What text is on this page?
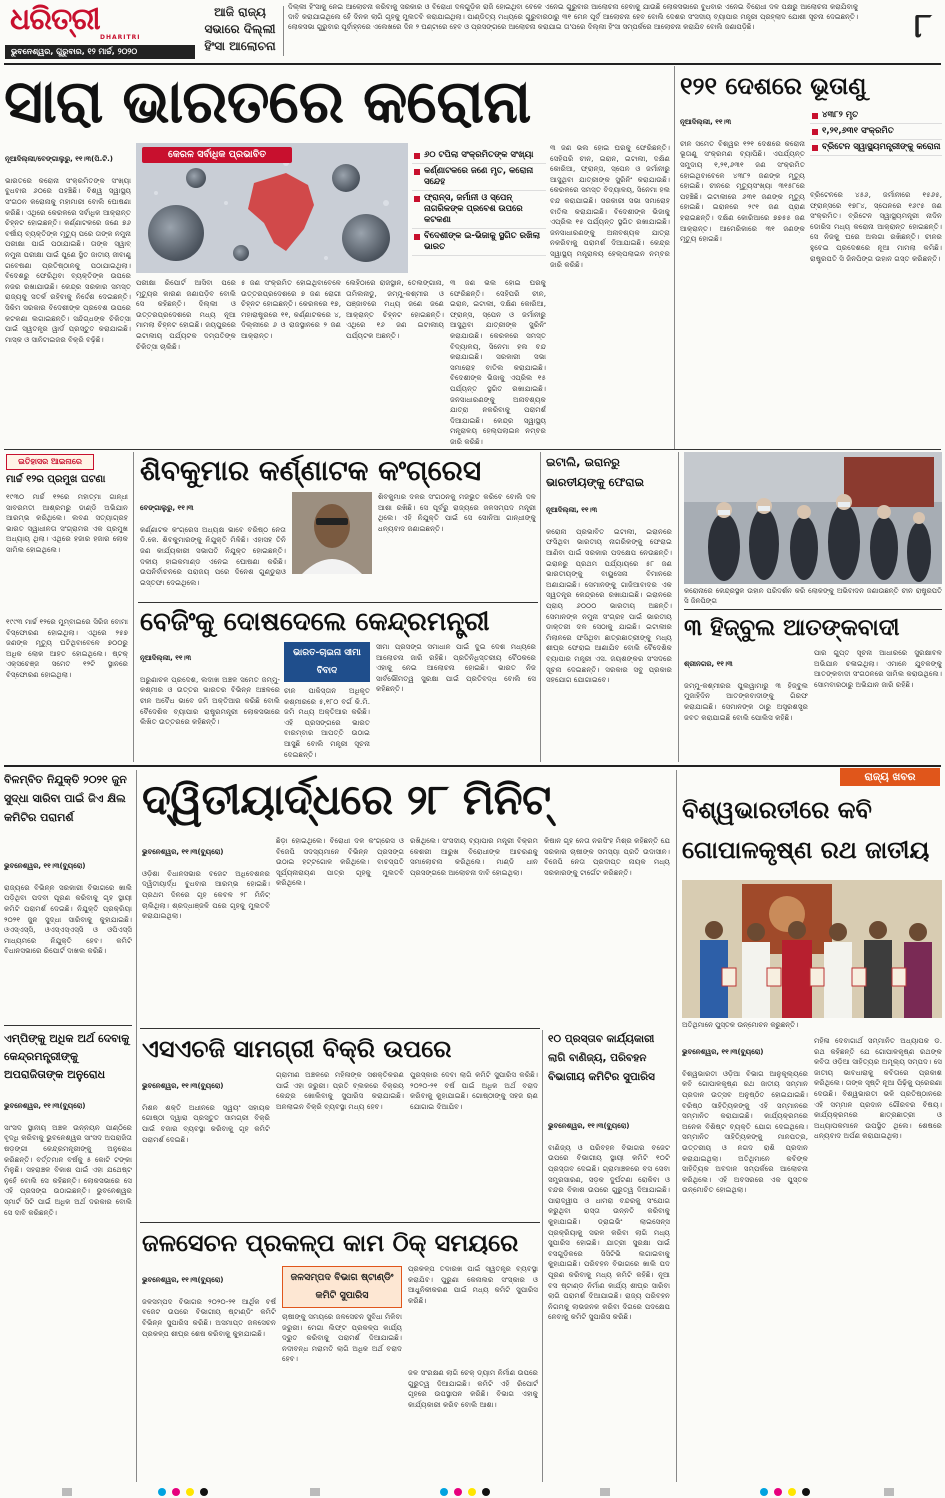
ଧରିତ୍ରୀ
DHARITRI
ଭୁବନେଶ୍ୱର, ଗୁରୁବାର, ୧୨ ମାର୍ଚ୍ଚ, ୨୦୨୦
ଆଜି ରାଜ୍ୟ ସଭାରେ ଦିଲ୍ଲୀ ହିଂସା ଆଲୋଚନା
ଦିଲ୍ଲୀ ହିଂସାକୁ ନେଇ ଆଲୋଚନା କରିବାକୁ ସରକାର ଓ ବିରୋଧୀ ଦଳଗୁଡ଼ିକ ରାଜି ହୋଇଥିବା ବେଳେ ଏନେଇ ଗୁରୁବାର ଆଲୋଚନା ହେବାକୁ ଯାଉଛି ଲୋକସଭାରେ ବୁଧବାର ଏନେଇ ବିରୋଧୀ ଦଳ ପକ୍ଷରୁ ଆଲୋଚନା କରାଯିବାକୁ ଦାବି କରାଯାଇଥିଲେ ହେଁ ଦିନକ ଲାଗି ଗୃହକୁ ମୁଲତବି କରାଯାଇଥିଲା। ପାଣ୍ଡିତ୍ୟ ମଧ୍ୟରେ ଗୁରୁବାରଠାରୁ ୩୧ ମେନ ପୂର୍ବ ଆଲୋଚନା ହେବ ବୋଲି ଦେଶର ସଂସଦୀୟ ବ୍ୟାପାର ମନ୍ତ୍ରୀ ପ୍ରହ୍ଲାଦ ଯୋଶୀ ସୂଚନା ଦେଇଛନ୍ତି। ଲୋକସଭା ଗୁରୁବାର ପୂର୍ବାହ୍ନରେ ଏଲେଖରେ ଦିନ ୨ ଘଣ୍ଟାରେ ହେବ ଓ ପ୍ରସଙ୍ଗରେ ଆଲୋଚନା କରାଯାଇ ତା'ପରେ ଦିଲ୍ଲୀ ହିଂସା ସମ୍ପର୍କରେ ଆଲୋଚନା କରାଯିବ ବୋଲି ଜଣାପଡ଼ିଛି।	୮
ସାରା ଭାରତରେ କରୋନା

ନୂଆଦିଲ୍ଲୀ/ବେଙ୍ଗାଲୁରୁ, ୧୧।୩(ପି.ଟି.)

ଭାରତରେ କରୋନା ସଂକ୍ରମିତଙ୍କ ସଂଖ୍ୟା ବୁଧବାର ୬୦ରେ ପହଞ୍ଚିଛି। ବିଶ୍ୱ ସ୍ୱାସ୍ଥ୍ୟ ସଂଗଠନ କରୋନାକୁ ମହାମାରୀ ବୋଲି ଘୋଷଣା କରିଛି। ଏଥିରେ କେରଳରେ ସର୍ବାଧିକ ଆକ୍ରାନ୍ତ ଚିହ୍ନଟ ହୋଇଛନ୍ତି। କର୍ଣ୍ଣାଟକରେ ଜଣେ ୭୬ ବର୍ଷୀୟ ବ୍ୟକ୍ତିଙ୍କ ମୃତ୍ୟୁ ପରେ ତାଙ୍କ ନମୁନା ପରୀକ୍ଷା ପାଇଁ ପଠାଯାଇଛି। ତାଙ୍କ ସ୍ୱାବ୍ ନମୁନା ପରୀକ୍ଷା ପାଇଁ ପୁଣେ ସ୍ଥିତ ଜାତୀୟ ଜୀବାଣୁ ଗବେଷଣା ପ୍ରତିଷ୍ଠାନକୁ ପଠାଯାଇଥିଲା। ବିଦେଶରୁ ଫେରିଥିବା ବ୍ୟକ୍ତିଙ୍କ ଉପରେ ନଜର ରଖାଯାଉଛି। କେନ୍ଦ୍ର ସରକାର ସମସ୍ତ ରାଜ୍ୟକୁ ସତର୍କ ରହିବାକୁ ନିର୍ଦ୍ଦେଶ ଦେଇଛନ୍ତି। ସିକିମ ସରକାର ବିଦେଶୀଙ୍କ ପ୍ରବେଶ ଉପରେ କଟକଣା ଲଗାଇଛନ୍ତି। ସନ୍ଦିଗ୍ଧଙ୍କ ଚିକିତ୍ସା ପାଇଁ ସ୍ୱତନ୍ତ୍ର ୱାର୍ଡ ପ୍ରସ୍ତୁତ କରାଯାଇଛି। ମାସ୍କ ଓ ସାନିଟାଇଜର ବିକ୍ରି ବଢ଼ିଛି।

କେରଳ ସର୍ବାଧିକ ପ୍ରଭାବିତ	୬୦ ଟପିଲା ସଂକ୍ରମିତଙ୍କ ସଂଖ୍ୟା
କର୍ଣ୍ଣାଟକରେ ଜଣେ ମୃତ, କରୋନା ସନ୍ଦେହ
ଫ୍ରାନ୍ସ, ଜର୍ମାନୀ ଓ ସ୍ପେନ୍ ନାଗରିକଙ୍କ ପ୍ରବେଶ ଉପରେ କଟକଣା
ବିଦେଶୀଙ୍କ ଇ-ଭିଜାକୁ ସ୍ଥଗିତ ରଖିଲା ଭାରତ
ପରୀକ୍ଷା ରିପୋର୍ଟ ଆସିବା ପରେ ମୃତ୍ୟୁର କାରଣ ଜଣାପଡ଼ିବ ବୋଲି ସେ କହିଛନ୍ତି। ଦିଲ୍ଲୀ ଓ ଉତ୍ତରପ୍ରଦେଶରେ ମଧ୍ୟ ନୂଆ ମାମଲା ଚିହ୍ନଟ ହୋଇଛି। ଜୟପୁରରେ ଇଟାଲୀୟ ପର୍ଯ୍ୟଟକ ଦମ୍ପତିଙ୍କ ଚିକିତ୍ସା ଚାଲିଛି।
୫ ଜଣ ସଂକ୍ରମିତ ହୋଇଥିବାବେଳେ ଉତ୍ତରପ୍ରଦେଶରେ ୭ ଜଣ ରୋଗୀ ଚିହ୍ନଟ ହୋଇଛନ୍ତି। କେରଳରେ ୧୭, ମହାରାଷ୍ଟ୍ରରେ ୧୧, କର୍ଣ୍ଣାଟକରେ ୪, ଦିଲ୍ଲୀରେ ୬ ଓ ରାଜସ୍ଥାନରେ ୨ ଜଣ ଆକ୍ରାନ୍ତ।
ଲେହିଠାରେ ରାଜସ୍ଥାନ, ତେଲଙ୍ଗାନା, ତାମିଲନାଡୁ, ଜମ୍ମୁ-କଶ୍ମୀର ଓ ପଞ୍ଜାବରେ ମଧ୍ୟ ଜଣେ ଜଣେ ଆକ୍ରାନ୍ତ ଚିହ୍ନଟ ହୋଇଛନ୍ତି। ଏଥିରେ ୧୬ ଜଣ ଇଟାଲୀୟ ପର୍ଯ୍ୟଟକ ଅଛନ୍ତି।
୩ ଜଣ ଭଲ ହୋଇ ଘରକୁ ଫେରିଛନ୍ତି। ସେହିପରି ଚୀନ, ଇରାନ, ଇଟାଲୀ, ଦକ୍ଷିଣ କୋରିଆ, ଫ୍ରାନ୍ସ, ସ୍ପେନ ଓ ଜର୍ମାନୀରୁ ଆସୁଥିବା ଯାତ୍ରୀଙ୍କ ସ୍କ୍ରିନିଂ କରାଯାଉଛି। କେରଳରେ ସମସ୍ତ ବିଦ୍ୟାଳୟ, ସିନେମା ହଲ ବନ୍ଦ କରାଯାଇଛି। ସରକାରୀ ସଭା ସମାରୋହ ବାତିଲ କରାଯାଇଛି। ବିଦେଶୀଙ୍କ ଭିଜାକୁ ଏପ୍ରିଲ ୧୫ ପର୍ଯ୍ୟନ୍ତ ସ୍ଥଗିତ ରଖାଯାଇଛି। ଜନସାଧାରଣଙ୍କୁ ଅନାବଶ୍ୟକ ଯାତ୍ରା ନକରିବାକୁ ପରାମର୍ଶ ଦିଆଯାଇଛି। କେନ୍ଦ୍ର ସ୍ୱାସ୍ଥ୍ୟ ମନ୍ତ୍ରାଳୟ ହେଲ୍ପଲାଇନ ନମ୍ବର ଜାରି କରିଛି।
୩ ଜଣ ଭଲ ହୋଇ ଘରକୁ ଫେରିଛନ୍ତି। ସେହିପରି ଚୀନ, ଇରାନ, ଇଟାଲୀ, ଦକ୍ଷିଣ କୋରିଆ, ଫ୍ରାନ୍ସ, ସ୍ପେନ ଓ ଜର୍ମାନୀରୁ ଆସୁଥିବା ଯାତ୍ରୀଙ୍କ ସ୍କ୍ରିନିଂ କରାଯାଉଛି। କେରଳରେ ସମସ୍ତ ବିଦ୍ୟାଳୟ, ସିନେମା ହଲ ବନ୍ଦ କରାଯାଇଛି। ସରକାରୀ ସଭା ସମାରୋହ ବାତିଲ କରାଯାଇଛି। ବିଦେଶୀଙ୍କ ଭିଜାକୁ ଏପ୍ରିଲ ୧୫ ପର୍ଯ୍ୟନ୍ତ ସ୍ଥଗିତ ରଖାଯାଇଛି। ଜନସାଧାରଣଙ୍କୁ ଅନାବଶ୍ୟକ ଯାତ୍ରା ନକରିବାକୁ ପରାମର୍ଶ ଦିଆଯାଇଛି। କେନ୍ଦ୍ର ସ୍ୱାସ୍ଥ୍ୟ ମନ୍ତ୍ରାଳୟ ହେଲ୍ପଲାଇନ ନମ୍ବର ଜାରି କରିଛି।
୧୨୧ ଦେଶରେ ଭୂତାଣୁ

ନୂଆଦିଲ୍ଲୀ, ୧୧।୩

ଚୀନ ସମେତ ବିଶ୍ୱର ୧୨୧ ଦେଶରେ କରୋନା ଭୂତାଣୁ ସଂକ୍ରମଣ ବ୍ୟାପିଛି। ଏପର୍ଯ୍ୟନ୍ତ ସମୁଦାୟ ୧,୨୧,୬୩୧ ଜଣ ସଂକ୍ରମିତ ହୋଇଥିବାବେଳେ ୪୩୮୨ ଜଣଙ୍କ ମୃତ୍ୟୁ ହୋଇଛି। ଚୀନରେ ମୃତ୍ୟୁସଂଖ୍ୟା ୩୧୫୮ରେ ପହଞ୍ଚିଛି। ଇଟାଲୀରେ ୬୩୧ ଜଣଙ୍କ ମୃତ୍ୟୁ ହୋଇଛି। ଇରାନରେ ୨୯୧ ଜଣ ପ୍ରାଣ ହରାଇଛନ୍ତି। ଦକ୍ଷିଣ କୋରିଆରେ ୭୭୫୫ ଜଣ ଆକ୍ରାନ୍ତ। ଆମେରିକାରେ ୩୧ ଜଣଙ୍କ ମୃତ୍ୟୁ ହୋଇଛି।

୪୩୮୨ ମୃତ
୧,୨୧,୬୩୧ ସଂକ୍ରମିତ
ବ୍ରିଟେନ ସ୍ୱାସ୍ଥ୍ୟମନ୍ତ୍ରୀଙ୍କୁ କରୋନା
ବ୍ରିଟେନରେ ୪୫୬, ଜର୍ମାନୀରେ ୧୫୬୫, ଫ୍ରାନ୍ସରେ ୧୭୮୪, ସ୍ପେନରେ ୧୬୯୫ ଜଣ ସଂକ୍ରମିତ। ବ୍ରିଟେନ ସ୍ୱାସ୍ଥ୍ୟମନ୍ତ୍ରୀ ନାଦିନ ଡୋରିସ ମଧ୍ୟ କରୋନା ଆକ୍ରାନ୍ତ ହୋଇଛନ୍ତି। ସେ ନିଜକୁ ଘରେ ଅଲଗା ରଖିଛନ୍ତି। ଚୀନର ହୁବେଇ ପ୍ରଦେଶରେ ନୂଆ ମାମଲା କମିଛି। ରାଷ୍ଟ୍ରପତି ସି ଜିନପିଙ୍ଗ ଉହାନ ଗସ୍ତ କରିଛନ୍ତି।
ଇତିହାସର ଆଇନାରେ
ମାର୍ଚ୍ଚ ୧୨ର ପ୍ରମୁଖ ଘଟଣା
୧୯୩୦ ମାର୍ଚ୍ଚ ୧୨ରେ ମହାତ୍ମା ଗାନ୍ଧୀ ସାବରମତୀ ଆଶ୍ରମରୁ ଡାଣ୍ଡି ଅଭିଯାନ ଆରମ୍ଭ କରିଥିଲେ। ଲବଣ ସତ୍ୟାଗ୍ରହ ଭାରତ ସ୍ୱାଧୀନତା ସଂଗ୍ରାମର ଏକ ପ୍ରମୁଖ ଅଧ୍ୟାୟ ଥିଲା। ଏଥିରେ ହଜାର ହଜାର ଲୋକ ସାମିଲ ହୋଇଥିଲେ।
୧୯୯୩ ମାର୍ଚ୍ଚ ୧୨ରେ ମୁମ୍ବାଇରେ ସିରିଜ ବୋମା ବିସ୍ଫୋରଣ ହୋଇଥିଲା। ଏଥିରେ ୨୫୭ ଜଣଙ୍କ ମୃତ୍ୟୁ ଘଟିଥିବାବେଳେ ୭୦୦ରୁ ଅଧିକ ଲୋକ ଆହତ ହୋଇଥିଲେ। ଷ୍ଟକ୍ ଏକ୍ସଚେଞ୍ଜ ସମେତ ୧୨ଟି ସ୍ଥାନରେ ବିସ୍ଫୋରଣ ହୋଇଥିଲା।
ଶିବକୁମାର କର୍ଣ୍ଣାଟକ କଂଗ୍ରେସ

ବେଙ୍ଗାଲୁରୁ, ୧୧।୩

କର୍ଣ୍ଣାଟକ କଂଗ୍ରେସ ଅଧ୍ୟକ୍ଷ ଭାବେ ବରିଷ୍ଠ ନେତା ଡି.କେ. ଶିବକୁମାରଙ୍କୁ ନିଯୁକ୍ତି ମିଳିଛି। ଏହାସହ ତିନି ଜଣ କାର୍ଯ୍ୟକାରୀ ସଭାପତି ନିଯୁକ୍ତ ହୋଇଛନ୍ତି। ଦଳୀୟ ହାଇକମାଣ୍ଡ ଏନେଇ ଘୋଷଣା କରିଛି। ଉପନିର୍ବାଚନରେ ପରାଜୟ ପରେ ଦିନେଶ ଗୁଣ୍ଡୁରାଓ ଇସ୍ତଫା ଦେଇଥିଲେ।

ଶିବକୁମାର ଦଳର ସଂଗଠନକୁ ମଜଭୁତ କରିବେ ବୋଲି ଦଳ ଆଶା ରଖିଛି। ସେ ପୂର୍ବରୁ ରାଜ୍ୟରେ ଜଳସମ୍ପଦ ମନ୍ତ୍ରୀ ଥିଲେ। ଏହି ନିଯୁକ୍ତି ପାଇଁ ସେ ସୋନିଆ ଗାନ୍ଧୀଙ୍କୁ ଧନ୍ୟବାଦ ଜଣାଇଛନ୍ତି।
ବେଜିଂକୁ ଦୋଷଦେଲେ କେନ୍ଦ୍ରମନ୍ତ୍ରୀ

ନୂଆଦିଲ୍ଲୀ, ୧୧।୩

ଅରୁଣାଚଳ ପ୍ରଦେଶ, ଲଦାଖ ଅଞ୍ଚଳ ସମେତ ଜମ୍ମୁ-କଶ୍ମୀର ଓ ଉତ୍ତର ଭାରତର ବିଭିନ୍ନ ଅଞ୍ଚଳରେ ଚୀନ ଅବୈଧ ଭାବେ ଜମି ଅକ୍ତିଆର କରିଛି ବୋଲି ବୈଦେଶିକ ବ୍ୟାପାର ରାଷ୍ଟ୍ରମନ୍ତ୍ରୀ ଲୋକସଭାରେ ଲିଖିତ ଉତ୍ତରରେ କହିଛନ୍ତି।

ଭାରତ-ଚାଇନା ସୀମା ବିବାଦ
ଚୀନ ପାକିସ୍ତାନ ଅଧିକୃତ କଶ୍ମୀରରେ ୫,୧୮୦ ବର୍ଗ କି.ମି. ଜମି ମଧ୍ୟ ଅକ୍ତିଆର କରିଛି। ଏହି ପ୍ରସଙ୍ଗରେ ଭାରତ ବାରମ୍ବାର ଆପତ୍ତି ଉଠାଇ ଆସୁଛି ବୋଲି ମନ୍ତ୍ରୀ ସୂଚନା ଦେଇଛନ୍ତି।
ସୀମା ପ୍ରସଙ୍ଗ ସମାଧାନ ପାଇଁ ଦୁଇ ଦେଶ ମଧ୍ୟରେ ଆଲୋଚନା ଜାରି ରହିଛି। ପ୍ରତିନିଧିସ୍ତରୀୟ ବୈଠକରେ ଏହାକୁ ନେଇ ଆଲୋଚନା ହୋଇଛି। ଭାରତ ନିଜ ସାର୍ବଭୌମତ୍ୱ ସୁରକ୍ଷା ପାଇଁ ପ୍ରତିବଦ୍ଧ ବୋଲି ସେ କହିଛନ୍ତି।
ଇଟାଲି, ଇରାନରୁ ଭାରତୀୟଙ୍କୁ ଫେରାଇ

ନୂଆଦିଲ୍ଲୀ, ୧୧।୩

କରୋନା ପ୍ରଭାବିତ ଇଟାଲୀ, ଇରାନରେ ଫସିଥିବା ଭାରତୀୟ ନାଗରିକଙ୍କୁ ଫେରାଇ ଆଣିବା ପାଇଁ ସରକାର ପଦକ୍ଷେପ ନେଉଛନ୍ତି। ଇରାନରୁ ପ୍ରଥମ ପର୍ଯ୍ୟାୟରେ ୫୮ ଜଣ ଭାରତୀୟଙ୍କୁ ବାୟୁସେନା ବିମାନରେ ଅଣାଯାଇଛି। ସେମାନଙ୍କୁ ଗାଜିଆବାଦର ଏକ ସ୍ୱତନ୍ତ୍ର କେନ୍ଦ୍ରରେ ରଖାଯାଇଛି। ଇରାନରେ ପ୍ରାୟ ୬୦୦୦ ଭାରତୀୟ ଅଛନ୍ତି। ସେମାନଙ୍କ ନମୁନା ସଂଗ୍ରହ ପାଇଁ ଭାରତୀୟ ଡାକ୍ତରୀ ଦଳ ସେଠାକୁ ଯାଇଛି। ଇଟାଲୀର ମିଲାନରେ ଫସିଥିବା ଛାତ୍ରଛାତ୍ରୀଙ୍କୁ ମଧ୍ୟ ଶୀଘ୍ର ଫେରାଇ ଆଣାଯିବ ବୋଲି ବୈଦେଶିକ ବ୍ୟାପାର ମନ୍ତ୍ରୀ ଏସ. ଜୟଶଙ୍କର ସଂସଦରେ ସୂଚନା ଦେଇଛନ୍ତି। ସରକାର ସବୁ ପ୍ରକାର ସହଯୋଗ ଯୋଗାଇବେ।

କରୋନାରେ କେନ୍ଦ୍ରସ୍ଥଳ ଉହାନ ପରିଦର୍ଶନ କରି ଲୋକଙ୍କୁ ଅଭିବାଦନ ଜଣାଉଛନ୍ତି ଚୀନ ରାଷ୍ଟ୍ରପତି ସି ଜିନପିଙ୍ଗ
୩ ହିଜ୍‌ବୁଲ ଆତଙ୍କବାଦୀ

ଶ୍ରୀନଗର, ୧୧।୩

ଜମ୍ମୁ-କଶ୍ମୀରର ପୁଲୱାମାରୁ ୩ ହିଜ୍‌ବୁଲ ମୁଜାହିଦିନ ଆତଙ୍କବାଦୀଙ୍କୁ ଗିରଫ କରାଯାଇଛି। ସେମାନଙ୍କ ଠାରୁ ଅସ୍ତ୍ରଶସ୍ତ୍ର ଜବତ କରାଯାଇଛି ବୋଲି ପୋଲିସ କହିଛି।

ପାର ଗୁପ୍ତ ସୂଚନା ଆଧାରରେ ସୁରକ୍ଷାବଳ ଅଭିଯାନ ଚଳାଇଥିଲା। ଏମାନେ ଯୁବକଙ୍କୁ ଆତଙ୍କବାଦୀ ସଂଗଠନରେ ସାମିଲ କରାଉଥିଲେ। ସୋମବାରଠାରୁ ଅଭିଯାନ ଜାରି ରହିଛି।
ରାଜ୍ୟ ଖବର
ବିଳମ୍ବିତ ନିଯୁକ୍ତି ୨୦୨୧ ଜୁନ ସୁଦ୍ଧା ସାରିବା ପାଇଁ ଜିଏ କ୍ଷିଲ କମିଟିର ପରାମର୍ଶ

ଭୁବନେଶ୍ୱର, ୧୧।୩(ବ୍ୟୁରୋ)

ରାଜ୍ୟରେ ବିଭିନ୍ନ ସରକାରୀ ବିଭାଗରେ ଖାଲି ପଡ଼ିଥିବା ପଦବୀ ପୂରଣ କରିବାକୁ ଗୃହ ସ୍ଥାୟୀ କମିଟି ପରାମର୍ଶ ଦେଇଛି। ନିଯୁକ୍ତି ପ୍ରକ୍ରିୟା ୨୦୨୧ ଜୁନ ସୁଦ୍ଧା ସାରିବାକୁ କୁହାଯାଇଛି। ଓଏସ୍‌ଏସ୍‌ସି, ଓଏସ୍‌ଏସ୍‌ଏସ୍‌ସି ଓ ଓପିଏସ୍‌ସି ମାଧ୍ୟମରେ ନିଯୁକ୍ତି ହେବ। କମିଟି ବିଧାନସଭାରେ ରିପୋର୍ଟ ଦାଖଲ କରିଛି।

ଏମ୍‌ପିଙ୍କୁ ଅଧିକ ଅର୍ଥ ଦେବାକୁ କେନ୍ଦ୍ରମନ୍ତ୍ରୀଙ୍କୁ ଅପରାଜିତାଙ୍କ ଅନୁରୋଧ

ଭୁବନେଶ୍ୱର, ୧୧।୩(ବ୍ୟୁରୋ)

ସାଂସଦ ସ୍ଥାନୀୟ ଅଞ୍ଚଳ ଉନ୍ନୟନ ପାଣ୍ଠିରେ ବୃଦ୍ଧି କରିବାକୁ ଭୁବନେଶ୍ୱର ସାଂସଦ ଅପରାଜିତା ଷଡ଼ଙ୍ଗୀ କେନ୍ଦ୍ରମନ୍ତ୍ରୀଙ୍କୁ ଅନୁରୋଧ କରିଛନ୍ତି। ବର୍ତ୍ତମାନ ବର୍ଷକୁ ୫ କୋଟି ଟଙ୍କା ମିଳୁଛି। ସହରାଞ୍ଚଳ ବିକାଶ ପାଇଁ ଏହା ଯଥେଷ୍ଟ ନୁହେଁ ବୋଲି ସେ କହିଛନ୍ତି। ଲୋକସଭାରେ ସେ ଏହି ପ୍ରସଙ୍ଗ ଉଠାଇଛନ୍ତି। ଭୁବନେଶ୍ୱର ସ୍ମାର୍ଟ ସିଟି ପାଇଁ ଅଧିକ ଅର୍ଥ ଦରକାର ବୋଲି ସେ ଦାବି କରିଛନ୍ତି।

ଦ୍ୱିତୀୟାର୍ଦ୍ଧରେ ୨୮ ମିନିଟ୍

ଭୁବନେଶ୍ୱର, ୧୧।୩(ବ୍ୟୁରୋ)

ଓଡ଼ିଶା ବିଧାନସଭାର ବଜେଟ ଅଧିବେଶନର ଦ୍ୱିତୀୟାର୍ଦ୍ଧ ବୁଧବାର ଆରମ୍ଭ ହୋଇଛି। ପ୍ରଥମ ଦିନରେ ଗୃହ କେବଳ ୨୮ ମିନିଟ୍ ଚାଲିଥିଲା। ଶ୍ରଦ୍ଧାଞ୍ଜଳି ପରେ ଗୃହକୁ ମୁଲତବି କରାଯାଇଥିଲା।

ଛିଡ଼ା ହୋଇଥିଲେ। ବିରୋଧୀ ଦଳ କଂଗ୍ରେସ ଓ ବିଜେପି ସଦସ୍ୟମାନେ ବିଭିନ୍ନ ପ୍ରସଙ୍ଗ ଉଠାଇ ହଟ୍ଟଗୋଳ କରିଥିଲେ। ବାଚସ୍ପତି ସୂର୍ଯ୍ୟନାରାୟଣ ପାତ୍ର ଗୃହକୁ ମୁଲତବି କରିଥିଲେ।
ରଖିଥିଲେ। ସଂସଦୀୟ ବ୍ୟାପାର ମନ୍ତ୍ରୀ ବିକ୍ରମ କେଶରୀ ଆରୁଖ ବିରୋଧୀଙ୍କ ଆଚରଣକୁ ସମାଲୋଚନା କରିଥିଲେ। ମାଣ୍ଡି ଧାନ ପ୍ରସଙ୍ଗରେ ଆଲୋଚନା ଦାବି ହୋଇଥିଲା।
କିଷାନ ଗୃହ ନେତା ନରସିଂହ ମିଶ୍ର କହିଛନ୍ତି ଯେ ସରକାର ଚାଷୀଙ୍କ ସମସ୍ୟା ପ୍ରତି ଉଦାସୀନ। ବିଜେପି ନେତା ପ୍ରଦୀପ୍ତ ନାୟକ ମଧ୍ୟ ସରକାରଙ୍କୁ ଟାର୍ଗେଟ କରିଛନ୍ତି।
ଏସଏଚଜି ସାମଗ୍ରୀ ବିକ୍ରି ଉପରେ

ଭୁବନେଶ୍ୱର, ୧୧।୩(ବ୍ୟୁରୋ)

ମିଶନ ଶକ୍ତି ଅଧୀନରେ ସ୍ୱୟଂ ସହାୟକ ଗୋଷ୍ଠୀ ଦ୍ୱାରା ପ୍ରସ୍ତୁତ ସାମଗ୍ରୀ ବିକ୍ରି ପାଇଁ ବଜାର ବ୍ୟବସ୍ଥା କରିବାକୁ ଗୃହ କମିଟି ପରାମର୍ଶ ଦେଇଛି।

ଗ୍ରାମୀଣ ଅଞ୍ଚଳରେ ମହିଳାଙ୍କ ସଶକ୍ତିକରଣ ପାଇଁ ଏହା ଜରୁରୀ। ପ୍ରତି ବ୍ଲକରେ ବିକ୍ରୟ କେନ୍ଦ୍ର ଖୋଲିବାକୁ ସୁପାରିସ କରାଯାଇଛି। ଅନଲାଇନ ବିକ୍ରି ବ୍ୟବସ୍ଥା ମଧ୍ୟ ହେବ।
ପୁରସ୍କାର ଦେବା ଲାଗି କମିଟି ସୁପାରିସ କରିଛି। ୨୦୨୦-୨୧ ବର୍ଷ ପାଇଁ ଅଧିକ ଅର୍ଥ ବରାଦ କରିବାକୁ କୁହାଯାଇଛି। ଗୋଷ୍ଠୀଙ୍କୁ ସହଜ ଋଣ ଯୋଗାଇ ଦିଆଯିବ।
୧୦ ପ୍ରସ୍ତାବ କାର୍ଯ୍ୟକାରୀ ଲାଗି ବାଣିଜ୍ୟ, ପରିବହନ ବିଭାଗୀୟ କମିଟିର ସୁପାରିସ

ଭୁବନେଶ୍ୱର, ୧୧।୩(ବ୍ୟୁରୋ)

ବାଣିଜ୍ୟ ଓ ପରିବହନ ବିଭାଗର ବଜେଟ ଉପରେ ବିଭାଗୀୟ ସ୍ଥାୟୀ କମିଟି ୧୦ଟି ପ୍ରସ୍ତାବ ଦେଇଛି। ଗ୍ରାମାଞ୍ଚଳରେ ବସ ସେବା ସମ୍ପ୍ରସାରଣ, ସଡ଼କ ଦୁର୍ଘଟଣା ରୋକିବା ଓ ବନ୍ଦର ବିକାଶ ଉପରେ ଗୁରୁତ୍ୱ ଦିଆଯାଇଛି। ପାରାଦ୍ୱୀପ ଓ ଧାମରା ବନ୍ଦରକୁ ସଂଯୋଗ କରୁଥିବା ରାସ୍ତା ଉନ୍ନତି କରିବାକୁ କୁହାଯାଇଛି। ଡ୍ରାଇଭିଂ ଲାଇସେନ୍ସ ପ୍ରକ୍ରିୟାକୁ ସରଳ କରିବା ଲାଗି ମଧ୍ୟ ସୁପାରିସ ହୋଇଛି। ଯାତ୍ରୀ ସୁରକ୍ଷା ପାଇଁ ବସଗୁଡ଼ିକରେ ସିସିଟିଭି ଲଗାଇବାକୁ କୁହାଯାଇଛି। ପରିବହନ ବିଭାଗରେ ଖାଲି ପଦ ପୂରଣ କରିବାକୁ ମଧ୍ୟ କମିଟି କହିଛି। ନୂଆ ବସ ଷ୍ଟାଣ୍ଡ ନିର୍ମାଣ କାର୍ଯ୍ୟ ଶୀଘ୍ର ସାରିବା ଲାଗି ପରାମର୍ଶ ଦିଆଯାଇଛି। ରାଜ୍ୟ ପରିବହନ ନିଗମକୁ ଲାଭଜନକ କରିବା ଦିଗରେ ପଦକ୍ଷେପ ନେବାକୁ କମିଟି ସୁପାରିସ କରିଛି।

ଜଳସେଚନ ପ୍ରକଳ୍ପ କାମ ଠିକ୍ ସମୟରେ

ଭୁବନେଶ୍ୱର, ୧୧।୩(ବ୍ୟୁରୋ)

ଜଳସମ୍ପଦ ବିଭାଗର ୨୦୨୦-୨୧ ଆର୍ଥିକ ବର୍ଷ ବଜେଟ ଉପରେ ବିଭାଗୀୟ ଷ୍ଟାଣ୍ଡିଂ କମିଟି ବିଭିନ୍ନ ସୁପାରିସ କରିଛି। ଅସମାପ୍ତ ଜଳସେଚନ ପ୍ରକଳ୍ପ ଶୀଘ୍ର ଶେଷ କରିବାକୁ କୁହାଯାଇଛି।

ଜଳସମ୍ପଦ ବିଭାଗ ଷ୍ଟାଣ୍ଡିଂ କମିଟି ସୁପାରିସ
ଚାଷୀଙ୍କୁ ସମୟରେ ଜଳସେଚନ ସୁବିଧା ମିଳିବା ଜରୁରୀ। ମେଗା ଲିଫ୍ଟ ପ୍ରକଳ୍ପ କାର୍ଯ୍ୟ ଦ୍ରୁତ କରିବାକୁ ପରାମର୍ଶ ଦିଆଯାଇଛି। ନଦୀବନ୍ଧ ମରାମତି ଲାଗି ଅଧିକ ଅର୍ଥ ବରାଦ ହେବ।
ପ୍ରକଳ୍ପ ତଦାରଖ ପାଇଁ ସ୍ୱତନ୍ତ୍ର ବ୍ୟବସ୍ଥା କରାଯିବ। ପୁରୁଣା କେନାଲର ସଂସ୍କାର ଓ ଆଧୁନିକୀକରଣ ପାଇଁ ମଧ୍ୟ କମିଟି ସୁପାରିସ କରିଛି।
ଜଳ ସଂରକ୍ଷଣ ଲାଗି ଚେକ୍ ଡ୍ୟାମ ନିର୍ମାଣ ଉପରେ ଗୁରୁତ୍ୱ ଦିଆଯାଇଛି। କମିଟି ଏହି ରିପୋର୍ଟ ଗୃହରେ ଉପସ୍ଥାପନ କରିଛି। ବିଭାଗ ଏହାକୁ କାର୍ଯ୍ୟକାରୀ କରିବ ବୋଲି ଆଶା।
ବିଶ୍ୱଭାରତୀରେ କବି ଗୋପାଳକୃଷ୍ଣ ରଥ ଜାତୀୟ
ଅତିଥିମାନେ ପୁସ୍ତକ ଉନ୍ମୋଚନ କରୁଛନ୍ତି।

ଭୁବନେଶ୍ୱର, ୧୧।୩(ବ୍ୟୁରୋ)

ବିଶ୍ୱଭାରତୀ ଓଡ଼ିଆ ବିଭାଗ ଆନୁକୂଲ୍ୟରେ କବି ଗୋପାଳକୃଷ୍ଣ ରଥ ଜାତୀୟ ସମ୍ମାନ ପ୍ରଦାନ ଉତ୍ସବ ଅନୁଷ୍ଠିତ ହୋଇଯାଇଛି। ବରିଷ୍ଠ ସାହିତ୍ୟିକଙ୍କୁ ଏହି ସମ୍ମାନରେ ସମ୍ମାନିତ କରାଯାଇଛି। କାର୍ଯ୍ୟକ୍ରମରେ ଅନେକ ବିଶିଷ୍ଟ ବ୍ୟକ୍ତି ଯୋଗ ଦେଇଥିଲେ। ସମ୍ମାନିତ ସାହିତ୍ୟିକଙ୍କୁ ମାନପତ୍ର, ଉତ୍ତରୀୟ ଓ ନଗଦ ରାଶି ପ୍ରଦାନ କରାଯାଇଥିଲା। ଅତିଥିମାନେ କବିଙ୍କ ସାହିତ୍ୟିକ ଅବଦାନ ସମ୍ପର୍କରେ ଆଲୋଚନା କରିଥିଲେ। ଏହି ଅବସରରେ ଏକ ପୁସ୍ତକ ଉନ୍ମୋଚିତ ହୋଇଥିଲା।

ମହିଳା ଦେବାଗାର୍ଥ ସମ୍ମାନିତ ଅଧ୍ୟାପକ ଡ. ରଥ କହିଛନ୍ତି ଯେ ଗୋପାଳକୃଷ୍ଣ ରଥଙ୍କ କବିତା ଓଡ଼ିଆ ସାହିତ୍ୟର ଅମୂଲ୍ୟ ସମ୍ପଦ। ସେ ଜାତୀୟ ଭାବଧାରାକୁ କବିତାରେ ପ୍ରକାଶ କରିଥିଲେ। ତାଙ୍କ ସୃଷ୍ଟି ନୂଆ ପିଢ଼ିକୁ ପ୍ରେରଣା ଦେଉଛି। ବିଶ୍ୱଭାରତୀ ଭଳି ପ୍ରତିଷ୍ଠାନରେ ଏହି ସମ୍ମାନ ପ୍ରଦାନ ଗୌରବର ବିଷୟ। କାର୍ଯ୍ୟକ୍ରମରେ ଛାତ୍ରଛାତ୍ରୀ ଓ ଅଧ୍ୟାପକମାନେ ଉପସ୍ଥିତ ଥିଲେ। ଶେଷରେ ଧନ୍ୟବାଦ ଅର୍ପଣ କରାଯାଇଥିଲା।
